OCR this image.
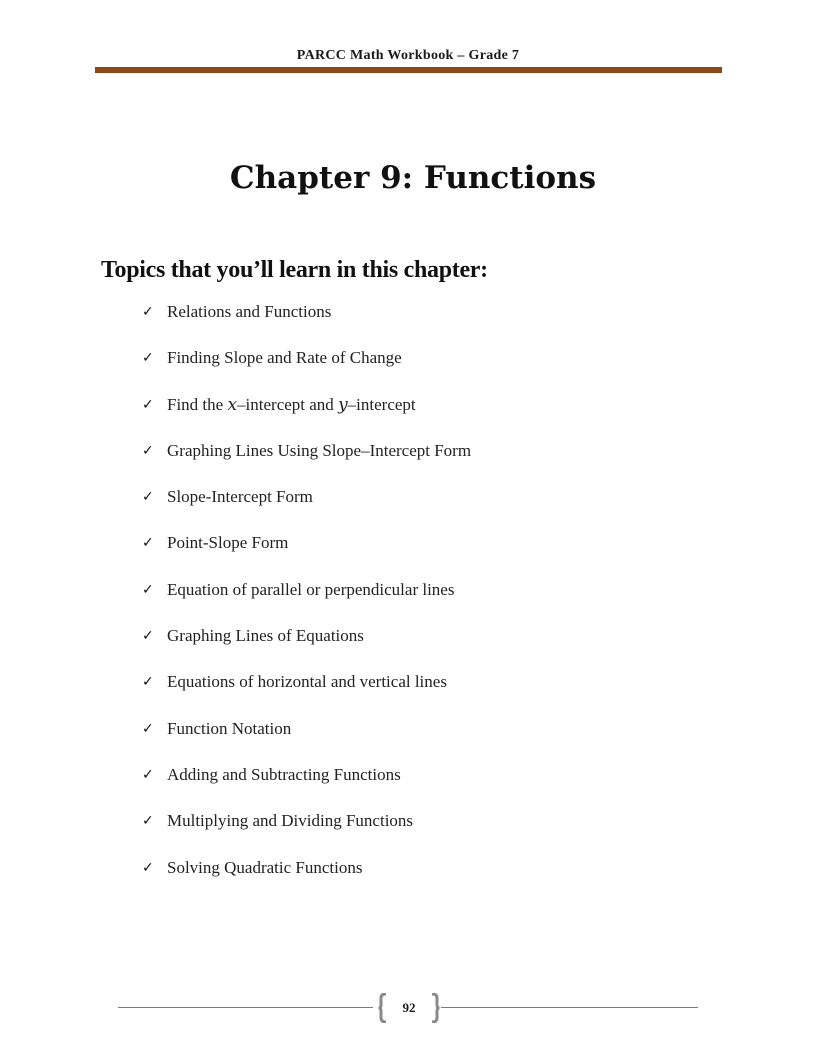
PARCC Math Workbook – Grade 7
Chapter 9: Functions
Topics that you’ll learn in this chapter:
✓ Relations and Functions
✓ Finding Slope and Rate of Change
✓ Find the x–intercept and y–intercept
✓ Graphing Lines Using Slope–Intercept Form
✓ Slope-Intercept Form
✓ Point-Slope Form
✓ Equation of parallel or perpendicular lines
✓ Graphing Lines of Equations
✓ Equations of horizontal and vertical lines
✓ Function Notation
✓ Adding and Subtracting Functions
✓ Multiplying and Dividing Functions
✓ Solving Quadratic Functions
92
